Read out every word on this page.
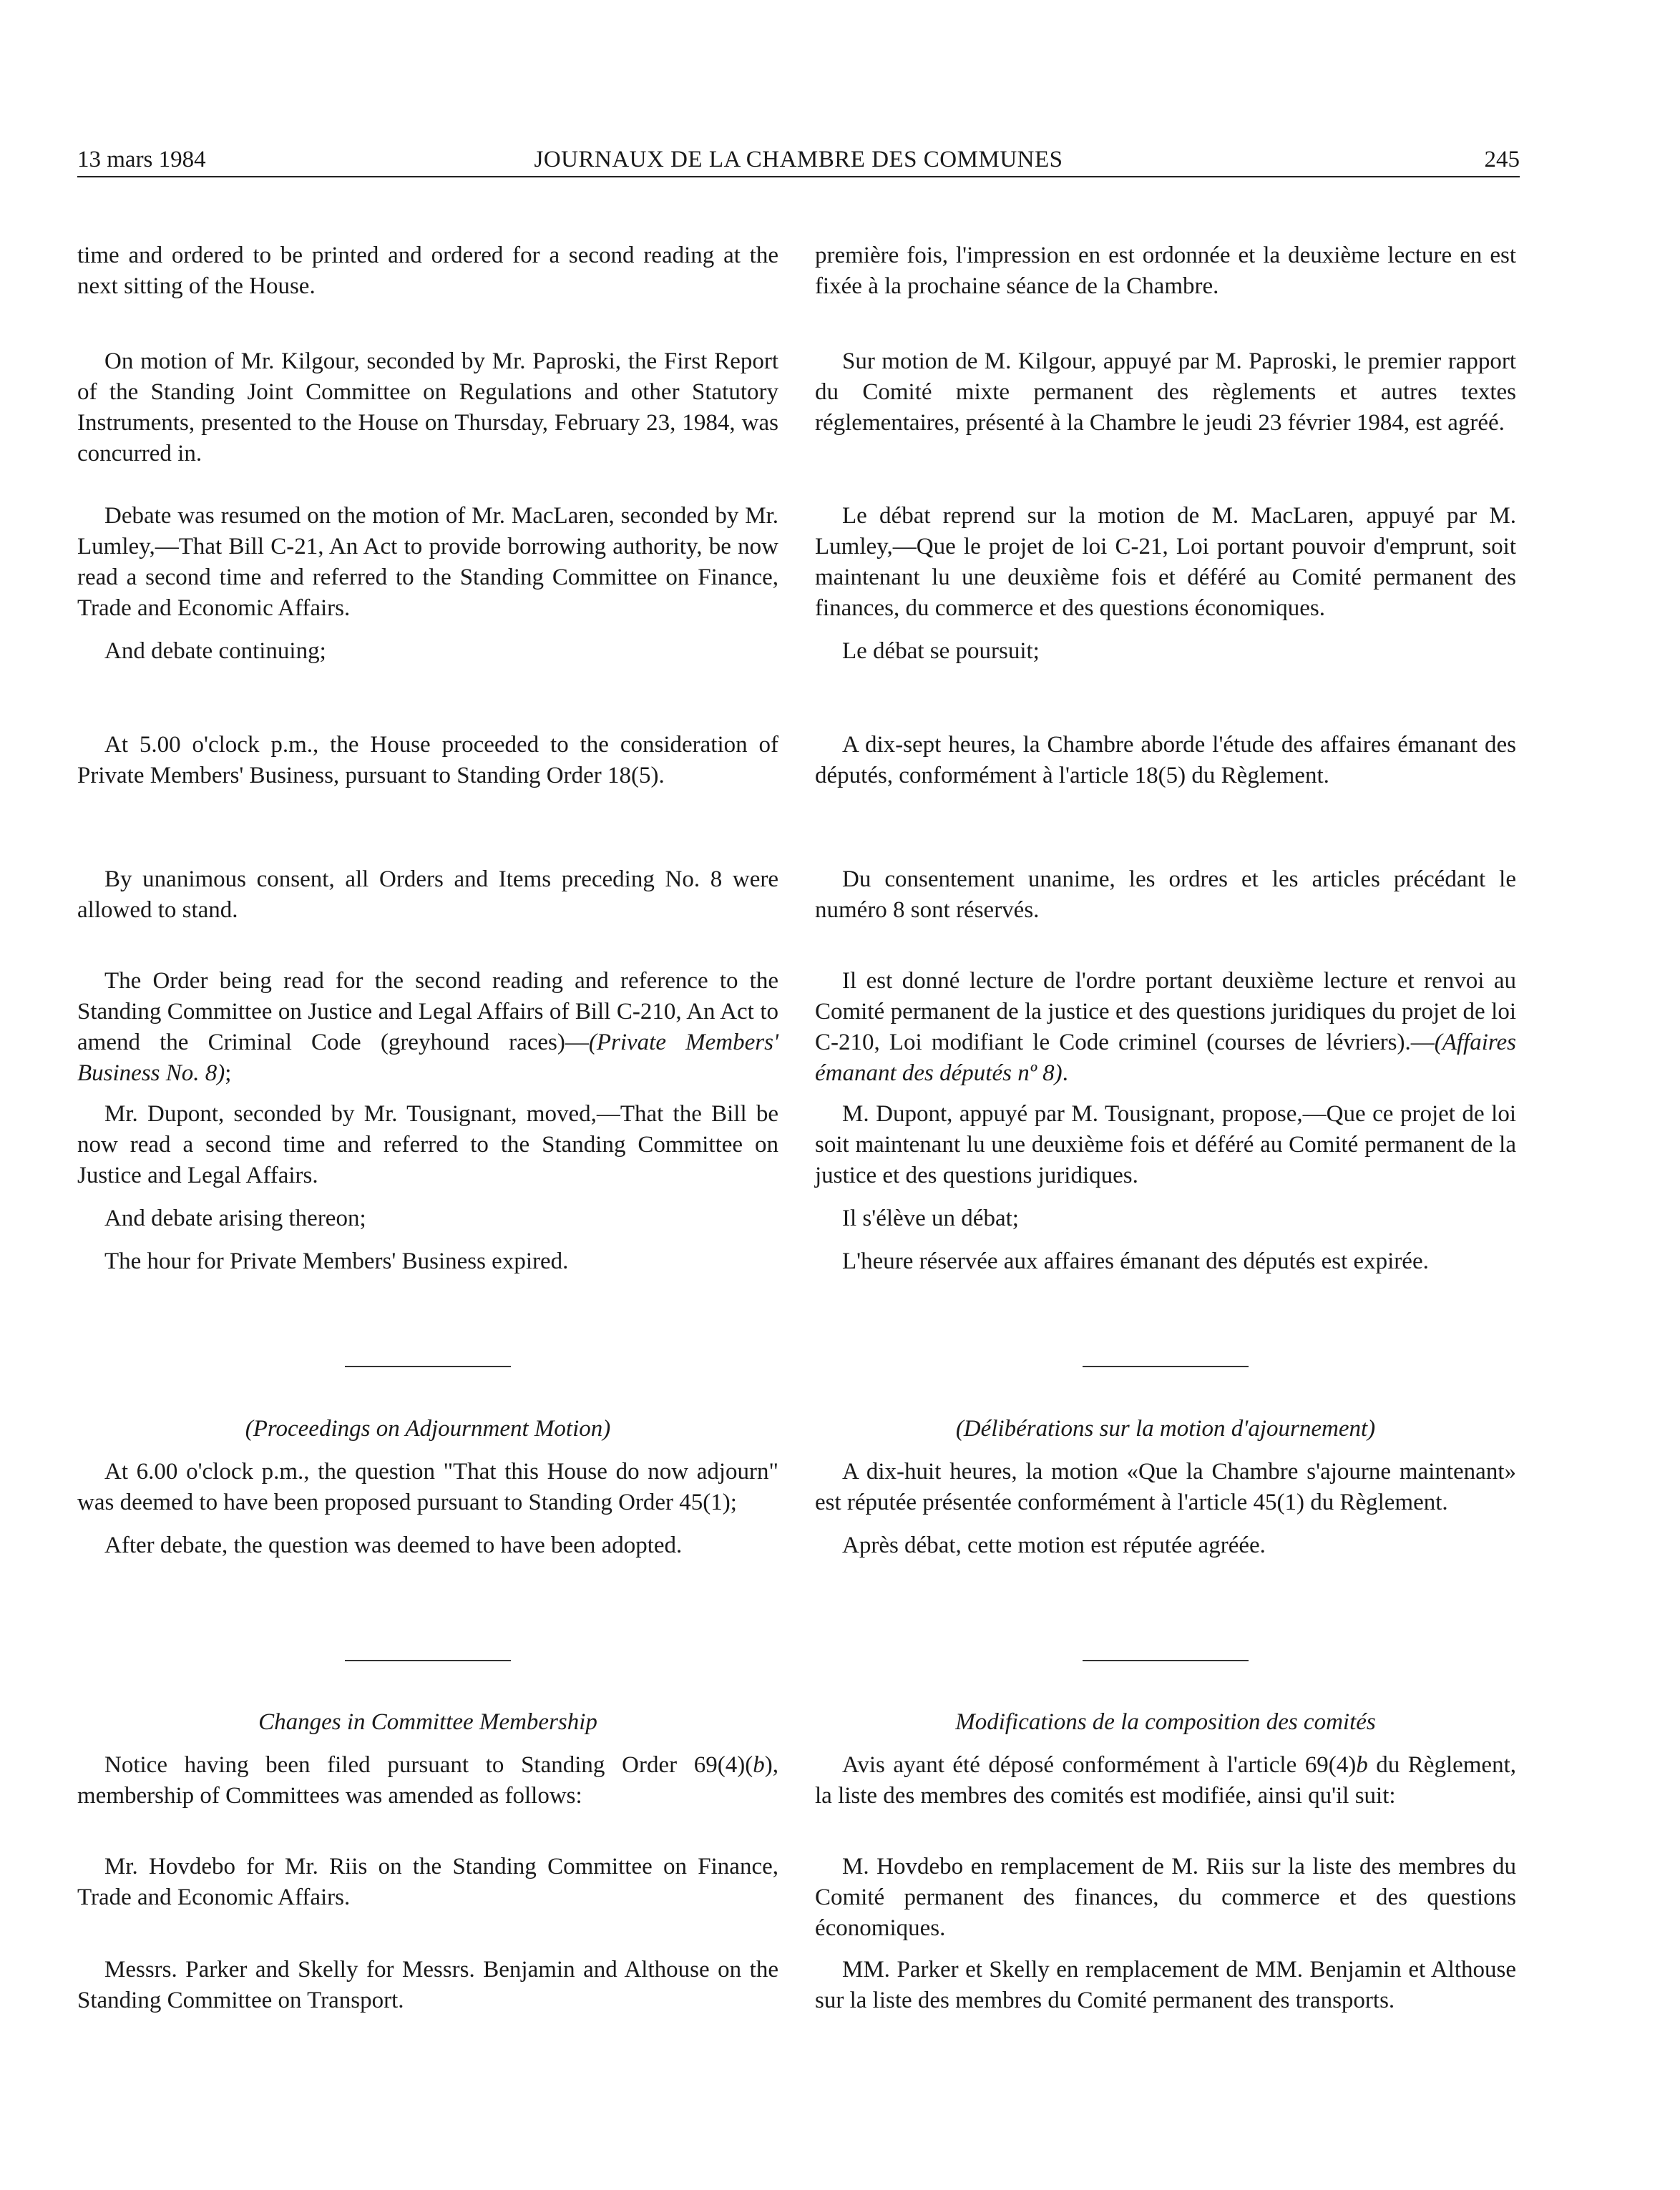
13 mars 1984	JOURNAUX DE LA CHAMBRE DES COMMUNES	245

time and ordered to be printed and ordered for a second reading at the next sitting of the House.

On motion of Mr. Kilgour, seconded by Mr. Paproski, the First Report of the Standing Joint Committee on Regulations and other Statutory Instruments, presented to the House on Thursday, February 23, 1984, was concurred in.

Debate was resumed on the motion of Mr. MacLaren, seconded by Mr. Lumley,—That Bill C-21, An Act to provide borrowing authority, be now read a second time and referred to the Standing Committee on Finance, Trade and Economic Affairs.

And debate continuing;

At 5.00 o'clock p.m., the House proceeded to the consideration of Private Members' Business, pursuant to Standing Order 18(5).

By unanimous consent, all Orders and Items preceding No. 8 were allowed to stand.

The Order being read for the second reading and reference to the Standing Committee on Justice and Legal Affairs of Bill C-210, An Act to amend the Criminal Code (greyhound races)—(Private Members' Business No. 8);

Mr. Dupont, seconded by Mr. Tousignant, moved,—That the Bill be now read a second time and referred to the Standing Committee on Justice and Legal Affairs.

And debate arising thereon;

The hour for Private Members' Business expired.

(Proceedings on Adjournment Motion)

At 6.00 o'clock p.m., the question "That this House do now adjourn" was deemed to have been proposed pursuant to Standing Order 45(1);

After debate, the question was deemed to have been adopted.

Changes in Committee Membership

Notice having been filed pursuant to Standing Order 69(4)(b), membership of Committees was amended as follows:

Mr. Hovdebo for Mr. Riis on the Standing Committee on Finance, Trade and Economic Affairs.

Messrs. Parker and Skelly for Messrs. Benjamin and Althouse on the Standing Committee on Transport.

première fois, l'impression en est ordonnée et la deuxième lecture en est fixée à la prochaine séance de la Chambre.

Sur motion de M. Kilgour, appuyé par M. Paproski, le premier rapport du Comité mixte permanent des règlements et autres textes réglementaires, présenté à la Chambre le jeudi 23 février 1984, est agréé.

Le débat reprend sur la motion de M. MacLaren, appuyé par M. Lumley,—Que le projet de loi C-21, Loi portant pouvoir d'emprunt, soit maintenant lu une deuxième fois et déféré au Comité permanent des finances, du commerce et des questions économiques.

Le débat se poursuit;

A dix-sept heures, la Chambre aborde l'étude des affaires émanant des députés, conformément à l'article 18(5) du Règlement.

Du consentement unanime, les ordres et les articles précédant le numéro 8 sont réservés.

Il est donné lecture de l'ordre portant deuxième lecture et renvoi au Comité permanent de la justice et des questions juridiques du projet de loi C-210, Loi modifiant le Code criminel (courses de lévriers).—(Affaires émanant des députés nº 8).

M. Dupont, appuyé par M. Tousignant, propose,—Que ce projet de loi soit maintenant lu une deuxième fois et déféré au Comité permanent de la justice et des questions juridiques.

Il s'élève un débat;

L'heure réservée aux affaires émanant des députés est expirée.

(Délibérations sur la motion d'ajournement)

A dix-huit heures, la motion «Que la Chambre s'ajourne maintenant» est réputée présentée conformément à l'article 45(1) du Règlement.

Après débat, cette motion est réputée agréée.

Modifications de la composition des comités

Avis ayant été déposé conformément à l'article 69(4)b du Règlement, la liste des membres des comités est modifiée, ainsi qu'il suit:

M. Hovdebo en remplacement de M. Riis sur la liste des membres du Comité permanent des finances, du commerce et des questions économiques.

MM. Parker et Skelly en remplacement de MM. Benjamin et Althouse sur la liste des membres du Comité permanent des transports.
